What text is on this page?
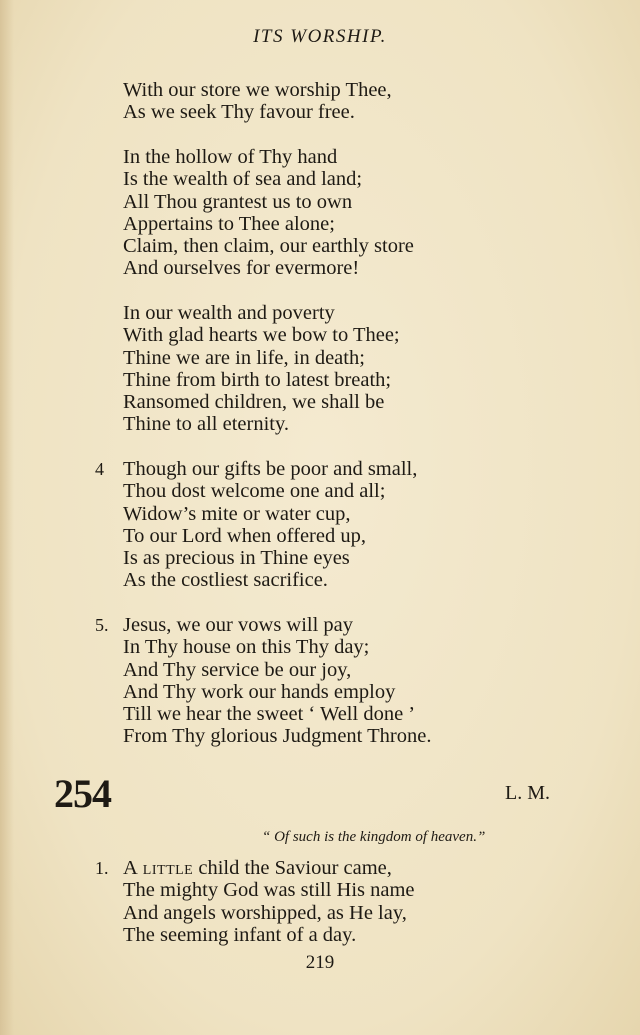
ITS WORSHIP.
With our store we worship Thee,
As we seek Thy favour free.
In the hollow of Thy hand
Is the wealth of sea and land;
All Thou grantest us to own
Appertains to Thee alone;
Claim, then claim, our earthly store
And ourselves for evermore!
In our wealth and poverty
With glad hearts we bow to Thee;
Thine we are in life, in death;
Thine from birth to latest breath;
Ransomed children, we shall be
Thine to all eternity.
4 Though our gifts be poor and small,
Thou dost welcome one and all;
Widow’s mite or water cup,
To our Lord when offered up,
Is as precious in Thine eyes
As the costliest sacrifice.
5. Jesus, we our vows will pay
In Thy house on this Thy day;
And Thy service be our joy,
And Thy work our hands employ
Till we hear the sweet ‘ Well done ’
From Thy glorious Judgment Throne.
254	L. M.
“ Of such is the kingdom of heaven.”
1. A little child the Saviour came,
The mighty God was still His name
And angels worshipped, as He lay,
The seeming infant of a day.
219
